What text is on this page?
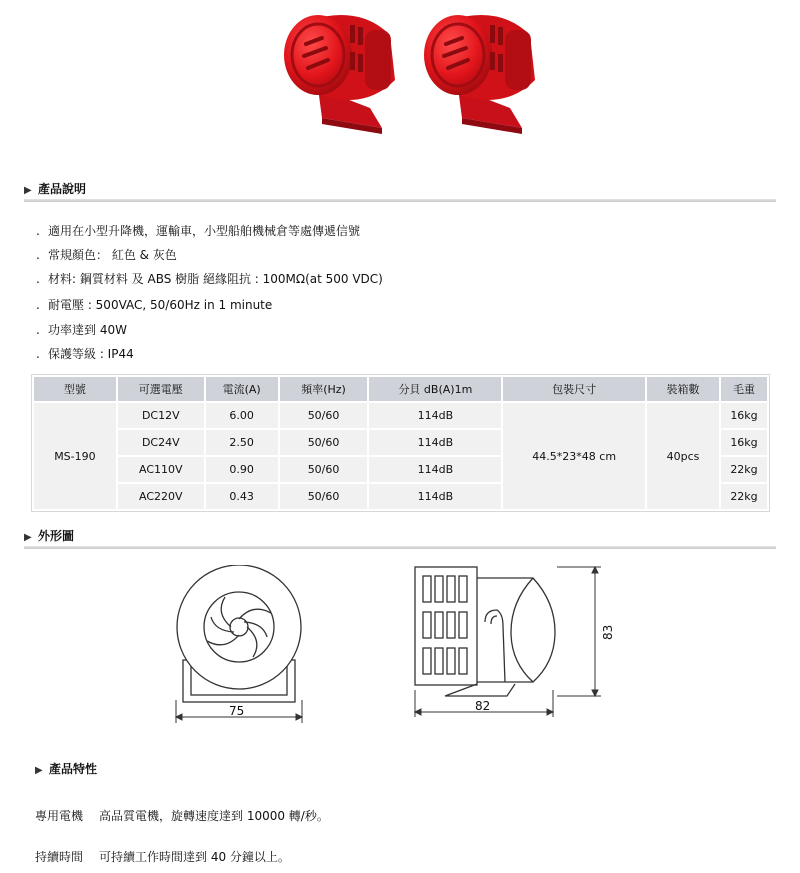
▶ 產品說明
. 適用在小型升降機，運輸車，小型船舶機械倉等處傳遞信號
. 常規顏色： 紅色 & 灰色
. 材料: 鋼質材料 及 ABS 樹脂 絕緣阻抗 : 100MΩ(at 500 VDC)
. 耐電壓 : 500VAC, 50/60Hz in 1 minute
. 功率達到 40W
. 保護等級 : IP44
型號	可選電壓	電流(A)	頻率(Hz)	分貝 dB(A)1m	包裝尺寸	裝箱數	毛重
MS-190	DC12V	6.00	50/60	114dB	44.5*23*48 cm	40pcs	16kg
	DC24V	2.50	50/60	114dB			16kg
	AC110V	0.90	50/60	114dB			22kg
	AC220V	0.43	50/60	114dB			22kg
▶ 外形圖
75	82
83
▶ 產品特性
專用電機 高品質電機，旋轉速度達到 10000 轉/秒。
持續時間 可持續工作時間達到 40 分鐘以上。
